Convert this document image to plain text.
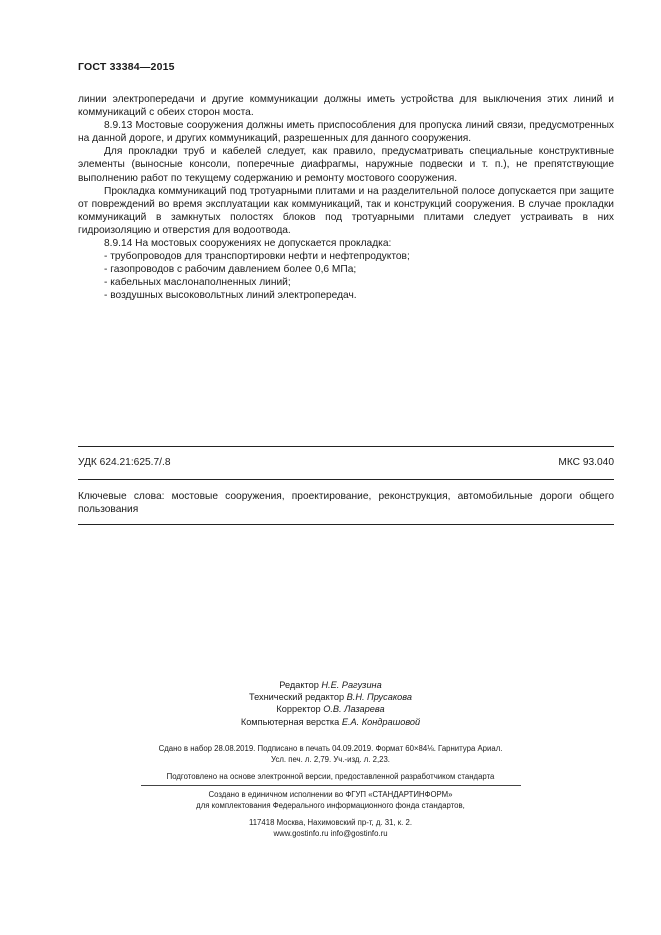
ГОСТ 33384—2015

линии электропередачи и другие коммуникации должны иметь устройства для выключения этих линий и коммуникаций с обеих сторон моста.

8.9.13 Мостовые сооружения должны иметь приспособления для пропуска линий связи, предусмотренных на данной дороге, и других коммуникаций, разрешенных для данного сооружения.

Для прокладки труб и кабелей следует, как правило, предусматривать специальные конструктивные элементы (выносные консоли, поперечные диафрагмы, наружные подвески и т. п.), не препятствующие выполнению работ по текущему содержанию и ремонту мостового сооружения.

Прокладка коммуникаций под тротуарными плитами и на разделительной полосе допускается при защите от повреждений во время эксплуатации как коммуникаций, так и конструкций сооружения. В случае прокладки коммуникаций в замкнутых полостях блоков под тротуарными плитами следует устраивать в них гидроизоляцию и отверстия для водоотвода.

8.9.14 На мостовых сооружениях не допускается прокладка:

- трубопроводов для транспортировки нефти и нефтепродуктов;
- газопроводов с рабочим давлением более 0,6 МПа;
- кабельных маслонаполненных линий;
- воздушных высоковольтных линий электропередач.
УДК 624.21:625.7/.8	МКС 93.040
Ключевые слова: мостовые сооружения, проектирование, реконструкция, автомобильные дороги общего пользования
Редактор Н.Е. Рагузина
Технический редактор В.Н. Прусакова
Корректор О.В. Лазарева
Компьютерная верстка Е.А. Кондрашовой

Сдано в набор 28.08.2019. Подписано в печать 04.09.2019. Формат 60×84⅛. Гарнитура Ариал.

Усл. печ. л. 2,79. Уч.-изд. л. 2,23.

Подготовлено на основе электронной версии, предоставленной разработчиком стандарта

Создано в единичном исполнении во ФГУП «СТАНДАРТИНФОРМ»

для комплектования Федерального информационного фонда стандартов,

117418 Москва, Нахимовский пр-т, д. 31, к. 2.

www.gostinfo.ru info@gostinfo.ru
